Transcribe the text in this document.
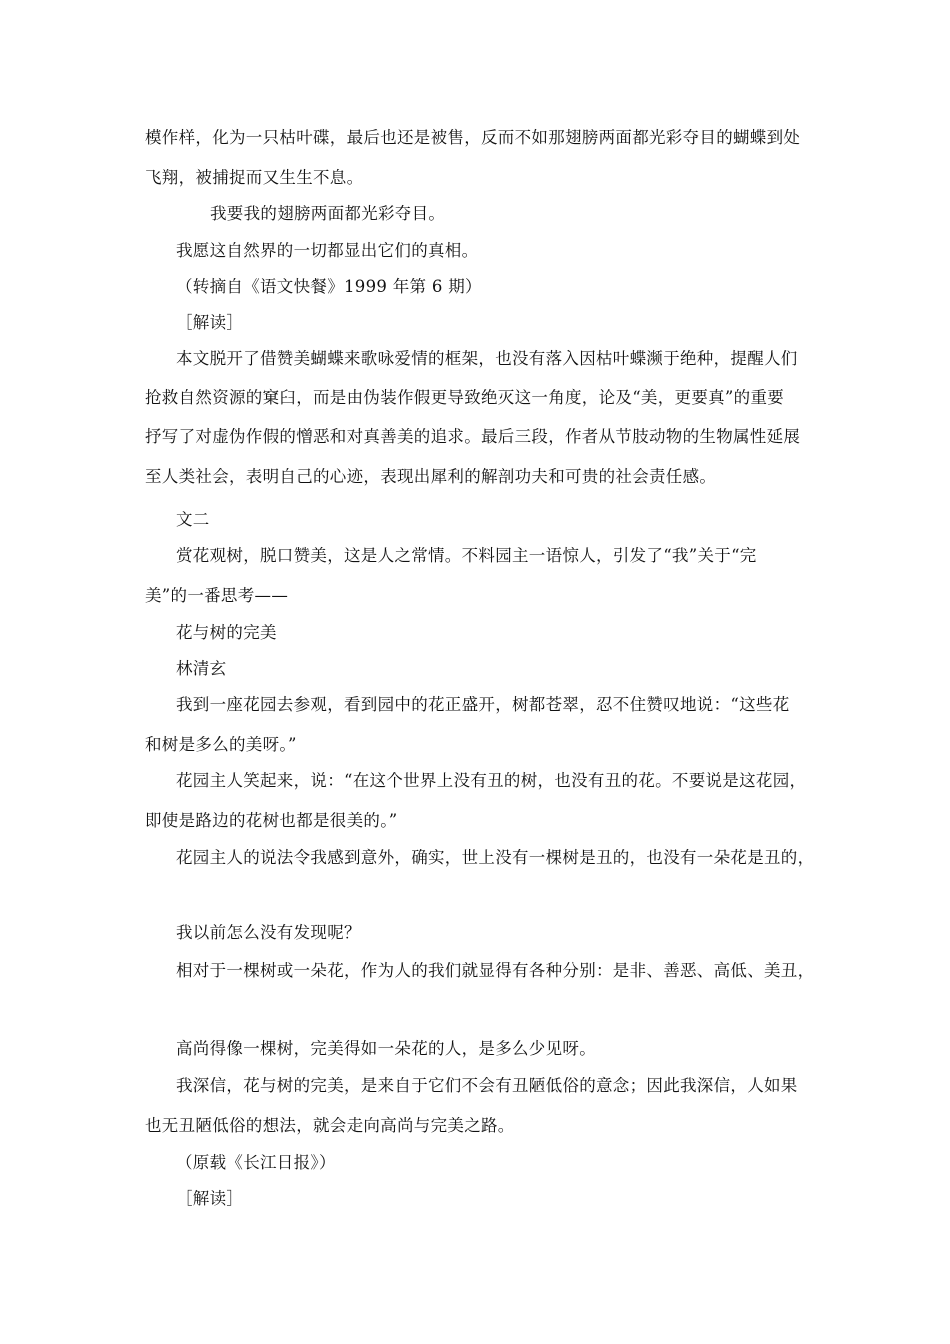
模作样，化为一只枯叶碟，最后也还是被售，反而不如那翅膀两面都光彩夺目的蝴蝶到处
飞翔，被捕捉而又生生不息。
我要我的翅膀两面都光彩夺目。
我愿这自然界的一切都显出它们的真相。
（转摘自《语文快餐》1999 年第 6 期）
［解读］
本文脱开了借赞美蝴蝶来歌咏爱情的框架，也没有落入因枯叶蝶濒于绝种，提醒人们
抢救自然资源的窠臼，而是由伪装作假更导致绝灭这一角度，论及“美，更要真”的重要
抒写了对虚伪作假的憎恶和对真善美的追求。最后三段，作者从节肢动物的生物属性延展
至人类社会，表明自己的心迹，表现出犀利的解剖功夫和可贵的社会责任感。
文二
赏花观树，脱口赞美，这是人之常情。不料园主一语惊人，引发了“我”关于“完
美”的一番思考——
花与树的完美
林清玄
我到一座花园去参观，看到园中的花正盛开，树都苍翠，忍不住赞叹地说：“这些花
和树是多么的美呀。”
花园主人笑起来，说：“在这个世界上没有丑的树，也没有丑的花。不要说是这花园，
即使是路边的花树也都是很美的。”
花园主人的说法令我感到意外，确实，世上没有一棵树是丑的，也没有一朵花是丑的，
我以前怎么没有发现呢？
相对于一棵树或一朵花，作为人的我们就显得有各种分别：是非、善恶、高低、美丑，
高尚得像一棵树，完美得如一朵花的人，是多么少见呀。
我深信，花与树的完美，是来自于它们不会有丑陋低俗的意念；因此我深信，人如果
也无丑陋低俗的想法，就会走向高尚与完美之路。
（原载《长江日报》）
［解读］
